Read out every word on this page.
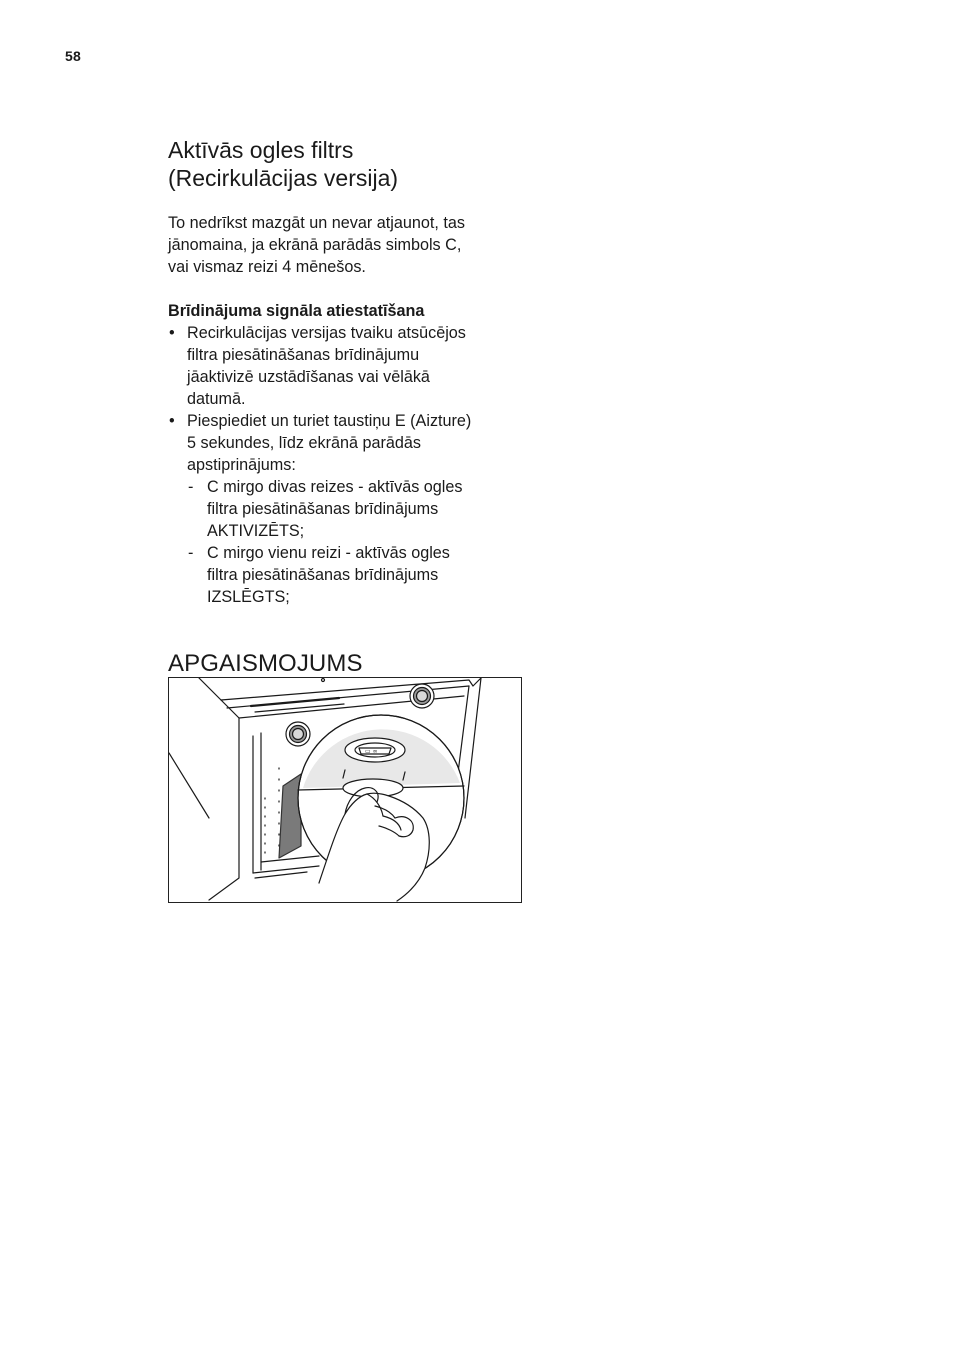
58
Aktīvās ogles filtrs
(Recirkulācijas versija)

To nedrīkst mazgāt un nevar atjaunot, tas
jānomaina, ja ekrānā parādās simbols C,
vai vismaz reizi 4 mēnešos.

Brīdinājuma signāla atiestatīšana

• Recirkulācijas versijas tvaiku atsūcējos
filtra piesātināšanas brīdinājumu
jāaktivizē uzstādīšanas vai vēlākā
datumā.
• Piespiediet un turiet taustiņu E (Aizture)
5 sekundes, līdz ekrānā parādās
apstiprinājums:
- C mirgo divas reizes - aktīvās ogles
filtra piesātināšanas brīdinājums
AKTIVIZĒTS;
- C mirgo vienu reizi - aktīvās ogles
filtra piesātināšanas brīdinājums
IZSLĒGTS;
APGAISMOJUMS
▭ ∞
